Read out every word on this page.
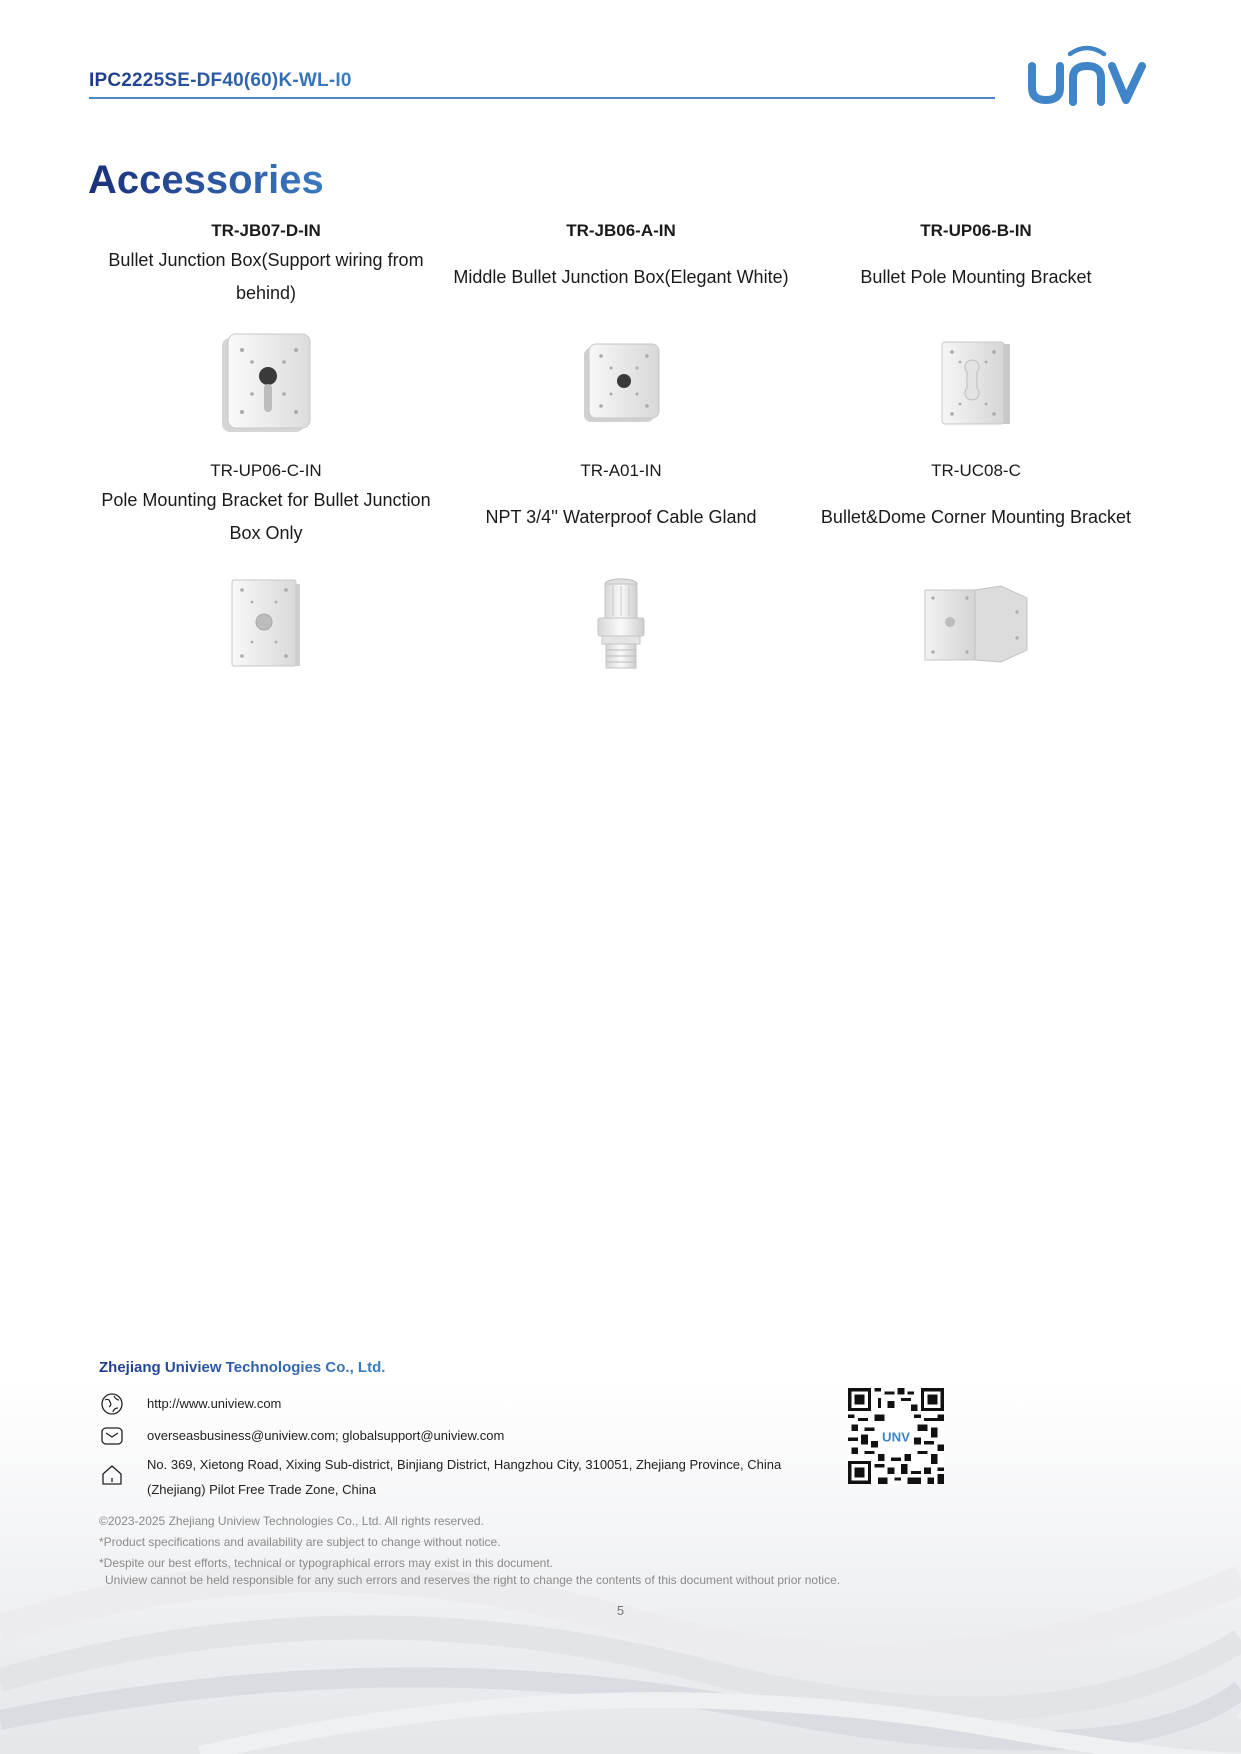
IPC2225SE-DF40(60)K-WL-I0
Accessories
TR-JB07-D-IN
Bullet Junction Box(Support wiring from behind)
TR-JB06-A-IN
Middle Bullet Junction Box(Elegant White)
TR-UP06-B-IN
Bullet Pole Mounting Bracket
TR-UP06-C-IN
Pole Mounting Bracket for Bullet Junction Box Only
TR-A01-IN
NPT 3/4'' Waterproof Cable Gland
TR-UC08-C
Bullet&Dome Corner Mounting Bracket
Zhejiang Uniview Technologies Co., Ltd.
http://www.uniview.com
overseasbusiness@uniview.com; globalsupport@uniview.com
No. 369, Xietong Road, Xixing Sub-district, Binjiang District, Hangzhou City, 310051, Zhejiang Province, China
(Zhejiang) Pilot Free Trade Zone, China
UNV
©2023-2025 Zhejiang Uniview Technologies Co., Ltd. All rights reserved.
*Product specifications and availability are subject to change without notice.
*Despite our best efforts, technical or typographical errors may exist in this document.
Uniview cannot be held responsible for any such errors and reserves the right to change the contents of this document without prior notice.
5
